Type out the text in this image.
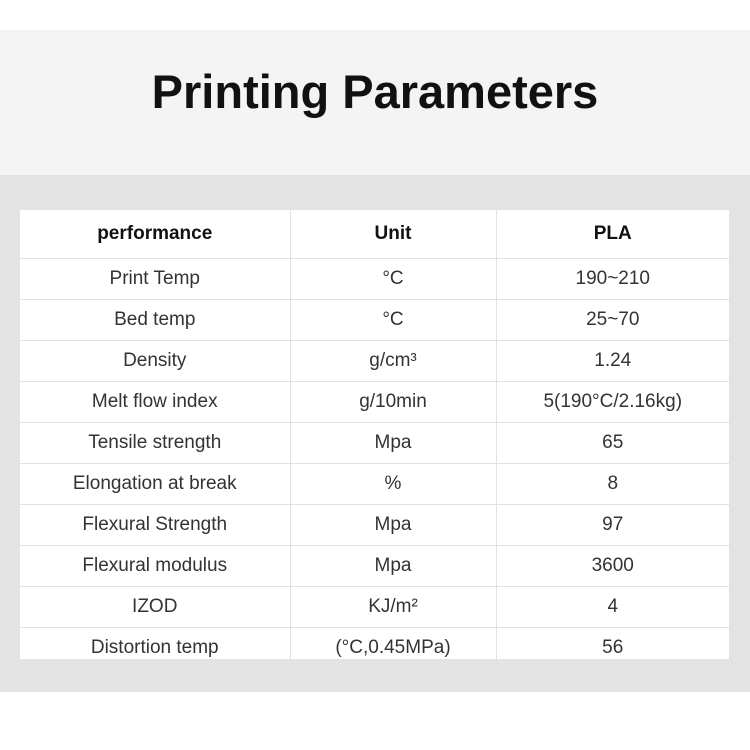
Printing Parameters
performance	Unit	PLA
Print Temp	°C	190~210
Bed temp	°C	25~70
Density	g/cm³	1.24
Melt flow index	g/10min	5(190°C/2.16kg)
Tensile strength	Mpa	65
Elongation at break	%	8
Flexural Strength	Mpa	97
Flexural modulus	Mpa	3600
IZOD	KJ/m²	4
Distortion temp	(°C,0.45MPa)	56
